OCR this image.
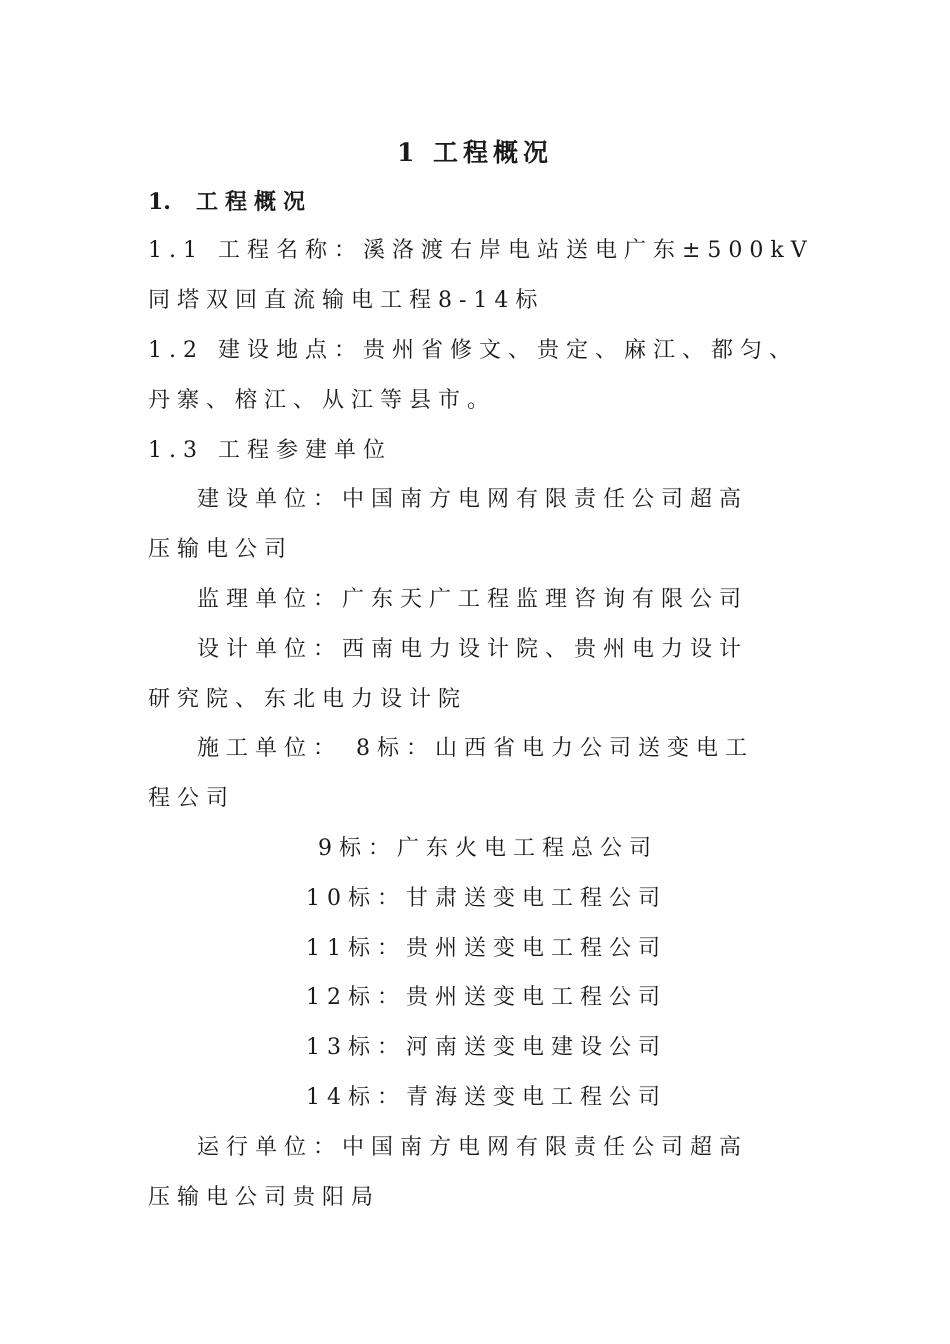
1 工程概况
1. 工程概况

1.1 工程名称：溪洛渡右岸电站送电广东±500kV

同塔双回直流输电工程8-14标

1.2 建设地点：贵州省修文、贵定、麻江、都匀、

丹寨、榕江、从江等县市。

1.3 工程参建单位

建设单位：中国南方电网有限责任公司超高

压输电公司

监理单位：广东天广工程监理咨询有限公司

设计单位：西南电力设计院、贵州电力设计

研究院、东北电力设计院

施工单位： 8标：山西省电力公司送变电工

程公司

9标：广东火电工程总公司

10标：甘肃送变电工程公司

11标：贵州送变电工程公司

12标：贵州送变电工程公司

13标：河南送变电建设公司

14标：青海送变电工程公司

运行单位：中国南方电网有限责任公司超高

压输电公司贵阳局
